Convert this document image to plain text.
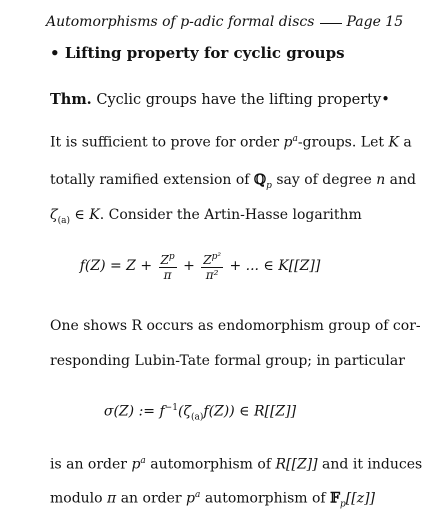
Automorphisms of p-adic formal discs Page 15
• Lifting property for cyclic groups
Thm. Cyclic groups have the lifting property•
It is sufficient to prove for order $p^a$-groups. Let K a
totally ramified extension of ℚ$_p$ say of degree n and
$\zeta_{(a)}$ ∈ K. Consider the Artin-Hasse logarithm
$f(Z) = Z + \frac{Z^p}{\pi} + \frac{Z^{p^2}}{\text{π²}}$ + ... ∈ K[[Z]]
One shows R occurs as endomorphism group of cor-
responding Lubin-Tate formal group; in particular
σ(Z) := $f^{-1}(\zeta_{(a)}f(Z))$ ∈ R[[Z]]
is an order $p^a$ automorphism of R[[Z]] and it induces
modulo π an order $p^a$ automorphism of 𝔽$_p$[[z]]
